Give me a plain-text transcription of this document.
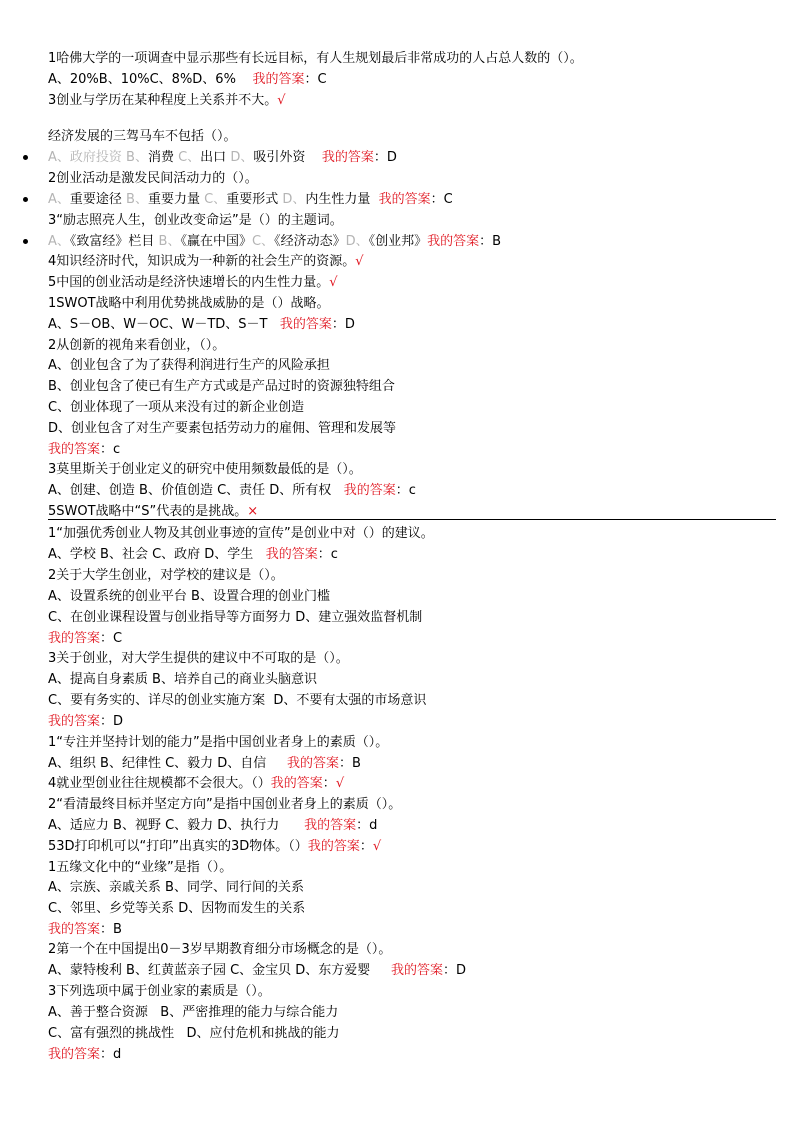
1哈佛大学的一项调查中显示那些有长远目标，有人生规划最后非常成功的人占总人数的（）。
A、20%B、10%C、8%D、6%    我的答案：C
3创业与学历在某种程度上关系并不大。√
经济发展的三驾马车不包括（）。
A、政府投资 B、消费 C、出口 D、吸引外资    我的答案：D
2创业活动是激发民间活动力的（）。
A、重要途径 B、重要力量 C、重要形式 D、内生性力量  我的答案：C
3“励志照亮人生，创业改变命运”是（）的主题词。
A、《致富经》栏目 B、《赢在中国》C、《经济动态》D、《创业邦》我的答案：B
4知识经济时代，知识成为一种新的社会生产的资源。√
5中国的创业活动是经济快速增长的内生性力量。√
1SWOT战略中利用优势挑战威胁的是（）战略。
A、S－OB、W－OC、W－TD、S－T   我的答案：D
2从创新的视角来看创业，（）。
A、创业包含了为了获得利润进行生产的风险承担
B、创业包含了使已有生产方式或是产品过时的资源独特组合
C、创业体现了一项从来没有过的新企业创造
D、创业包含了对生产要素包括劳动力的雇佣、管理和发展等
我的答案：c
3莫里斯关于创业定义的研究中使用频数最低的是（）。
A、创建、创造 B、价值创造 C、责任 D、所有权   我的答案：c
5SWOT战略中“S”代表的是挑战。×
1“加强优秀创业人物及其创业事迹的宣传”是创业中对（）的建议。
A、学校 B、社会 C、政府 D、学生   我的答案：c
2关于大学生创业，对学校的建议是（）。
A、设置系统的创业平台 B、设置合理的创业门槛
C、在创业课程设置与创业指导等方面努力 D、建立强效监督机制
我的答案：C
3关于创业，对大学生提供的建议中不可取的是（）。
A、提高自身素质 B、培养自己的商业头脑意识
C、要有务实的、详尽的创业实施方案  D、不要有太强的市场意识
我的答案：D
1“专注并坚持计划的能力”是指中国创业者身上的素质（）。
A、组织 B、纪律性 C、毅力 D、自信     我的答案：B
4就业型创业往往规模都不会很大。（）我的答案：√
2“看清最终目标并坚定方向”是指中国创业者身上的素质（）。
A、适应力 B、视野 C、毅力 D、执行力      我的答案：d
53D打印机可以“打印”出真实的3D物体。（）我的答案：√
1五缘文化中的“业缘”是指（）。
A、宗族、亲戚关系 B、同学、同行间的关系
C、邻里、乡党等关系 D、因物而发生的关系
我的答案：B
2第一个在中国提出0－3岁早期教育细分市场概念的是（）。
A、蒙特梭利 B、红黄蓝亲子园 C、金宝贝 D、东方爱婴     我的答案：D
3下列选项中属于创业家的素质是（）。
A、善于整合资源   B、严密推理的能力与综合能力
C、富有强烈的挑战性   D、应付危机和挑战的能力
我的答案：d
